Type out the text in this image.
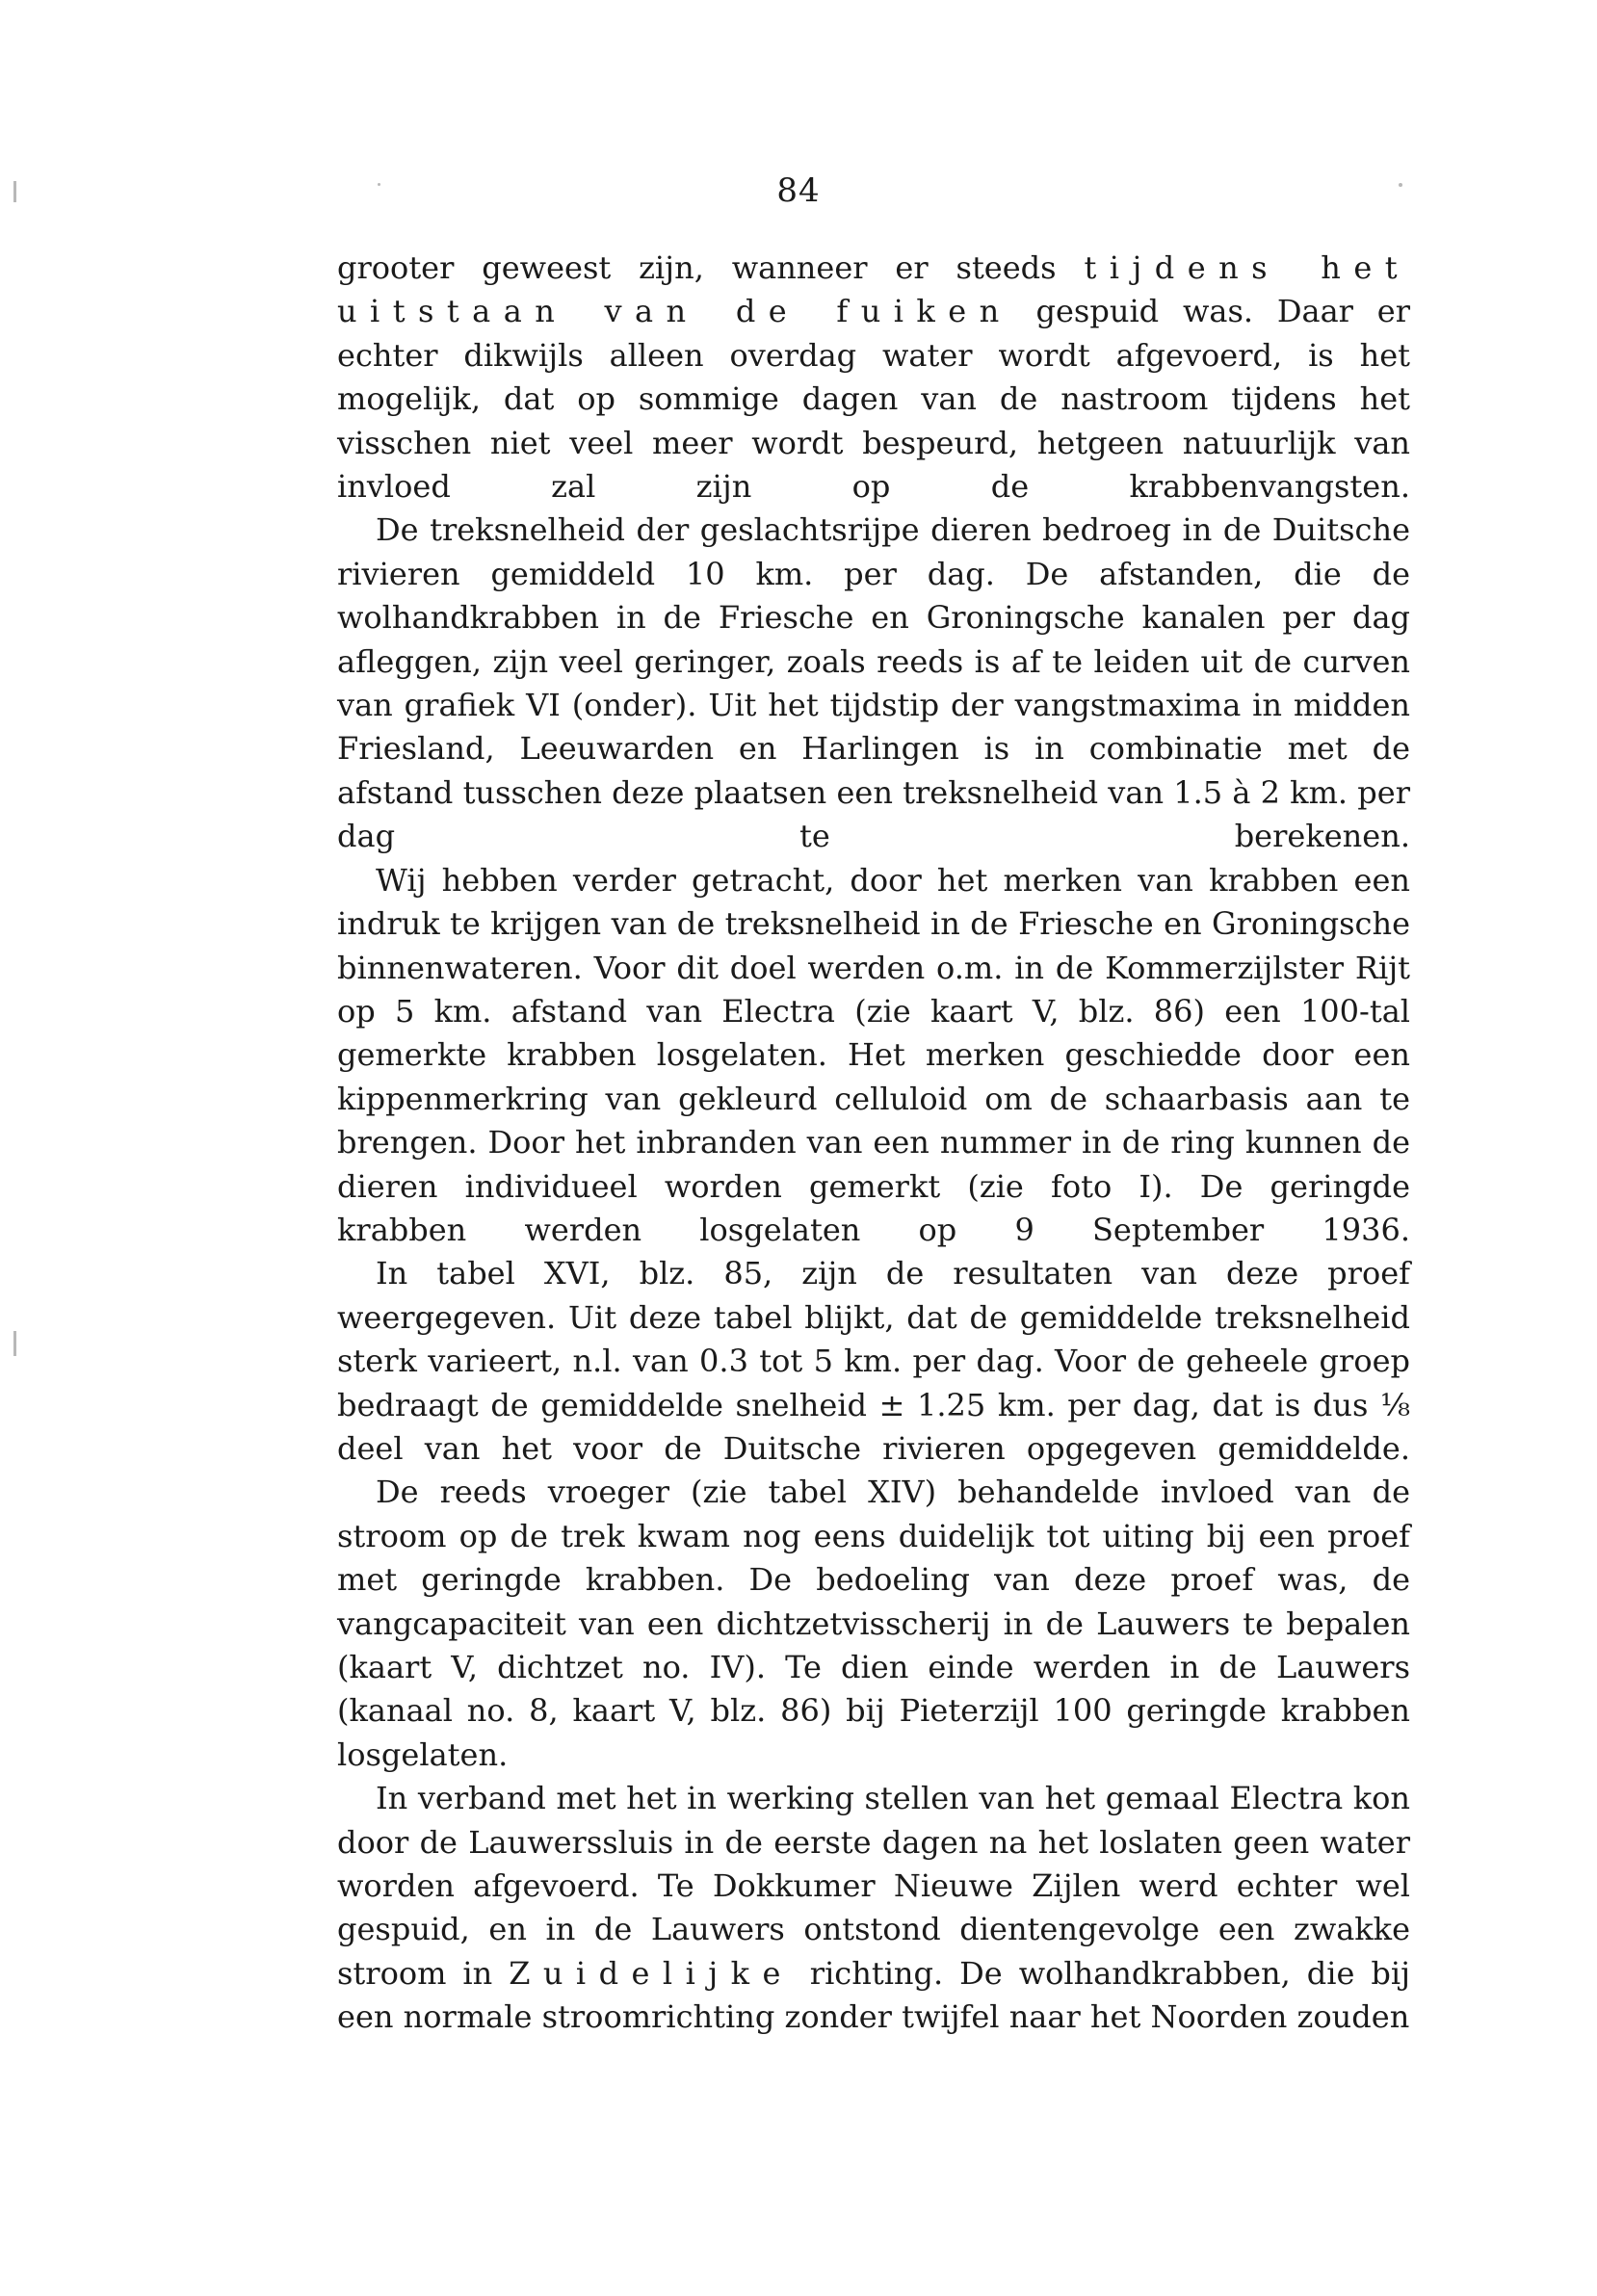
84

grooter geweest zijn, wanneer er steeds tijdens het uitstaan van de fuiken gespuid was. Daar er echter dikwijls alleen overdag water wordt afgevoerd, is het mogelijk, dat op sommige dagen van de nastroom tijdens het visschen niet veel meer wordt bespeurd, hetgeen natuurlijk van invloed zal zijn op de krabbenvangsten.

De treksnelheid der geslachtsrijpe dieren bedroeg in de Duitsche rivieren gemiddeld 10 km. per dag. De afstanden, die de wolhandkrabben in de Friesche en Groningsche kanalen per dag afleggen, zijn veel geringer, zoals reeds is af te leiden uit de curven van grafiek VI (onder). Uit het tijdstip der vangstmaxima in midden Friesland, Leeuwarden en Harlingen is in combinatie met de afstand tusschen deze plaatsen een treksnelheid van 1.5 à 2 km. per dag te berekenen.

Wij hebben verder getracht, door het merken van krabben een indruk te krijgen van de treksnelheid in de Friesche en Groningsche binnenwateren. Voor dit doel werden o.m. in de Kommerzijlster Rijt op 5 km. afstand van Electra (zie kaart V, blz. 86) een 100-tal gemerkte krabben losgelaten. Het merken geschiedde door een kippenmerkring van gekleurd celluloid om de schaarbasis aan te brengen. Door het inbranden van een nummer in de ring kunnen de dieren individueel worden gemerkt (zie foto I). De geringde krabben werden losgelaten op 9 September 1936.

In tabel XVI, blz. 85, zijn de resultaten van deze proef weergegeven. Uit deze tabel blijkt, dat de gemiddelde treksnelheid sterk varieert, n.l. van 0.3 tot 5 km. per dag. Voor de geheele groep bedraagt de gemiddelde snelheid ± 1.25 km. per dag, dat is dus ⅛ deel van het voor de Duitsche rivieren opgegeven gemiddelde.

De reeds vroeger (zie tabel XIV) behandelde invloed van de stroom op de trek kwam nog eens duidelijk tot uiting bij een proef met geringde krabben. De bedoeling van deze proef was, de vangcapaciteit van een dichtzetvisscherij in de Lauwers te bepalen (kaart V, dichtzet no. IV). Te dien einde werden in de Lauwers (kanaal no. 8, kaart V, blz. 86) bij Pieterzijl 100 geringde krabben losgelaten.

In verband met het in werking stellen van het gemaal Electra kon door de Lauwerssluis in de eerste dagen na het loslaten geen water worden afgevoerd. Te Dokkumer Nieuwe Zijlen werd echter wel gespuid, en in de Lauwers ontstond dientengevolge een zwakke stroom in Zuidelijke richting. De wolhandkrabben, die bij een normale stroomrichting zonder twijfel naar het Noorden zouden
